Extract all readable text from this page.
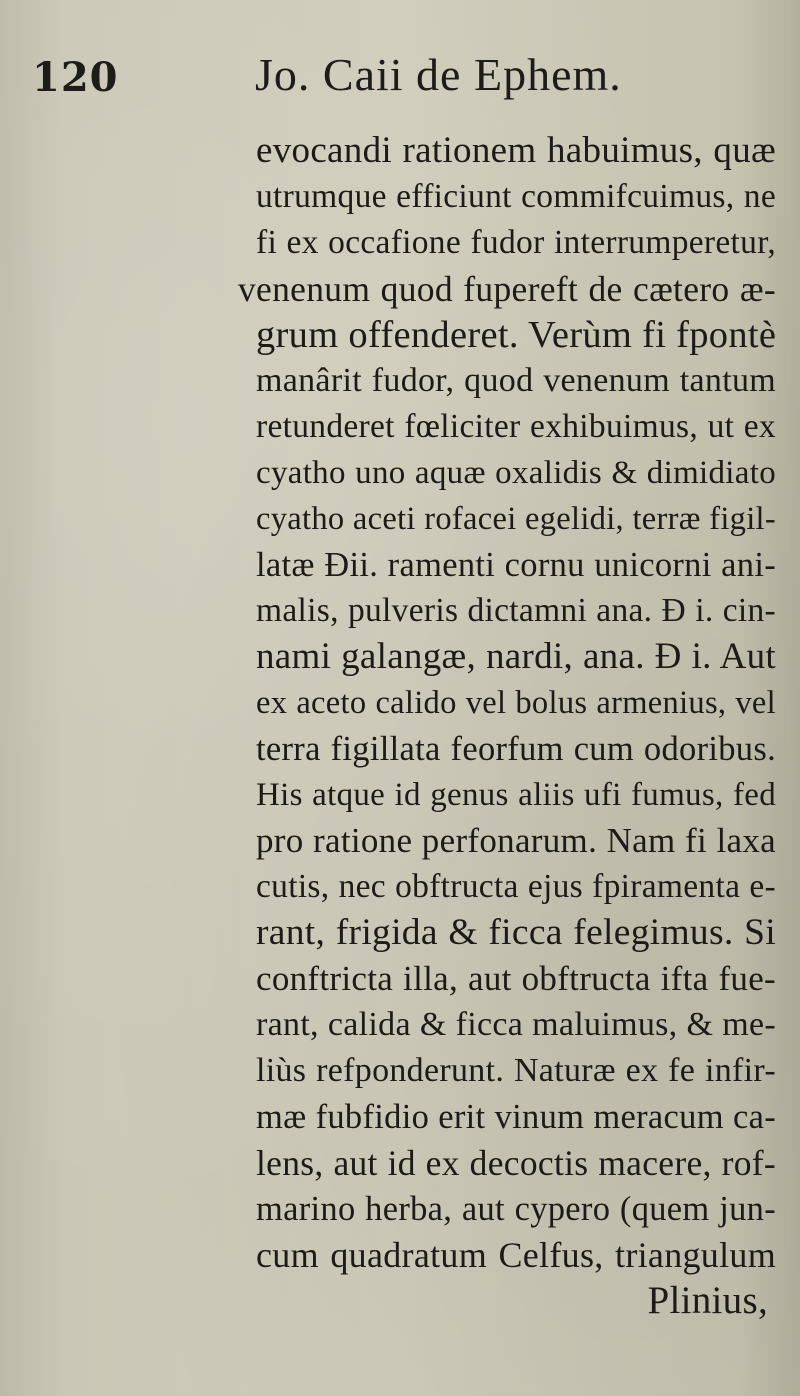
120	Jo. Caii de Ephem.
evocandi rationem habuimus, quæ
utrumque efficiunt commifcuimus, ne
fi ex occafione fudor interrumperetur,
venenum quod fupereft de cætero æ-
grum offenderet. Verùm fi fpontè
manârit fudor, quod venenum tantum
retunderet fœliciter exhibuimus, ut ex
cyatho uno aquæ oxalidis & dimidiato
cyatho aceti rofacei egelidi, terræ figil-
latæ Đii. ramenti cornu unicorni ani-
malis, pulveris dictamni ana. Đ i. cin-
nami galangæ, nardi, ana. Đ i. Aut
ex aceto calido vel bolus armenius, vel
terra figillata feorfum cum odoribus.
His atque id genus aliis ufi fumus, fed
pro ratione perfonarum. Nam fi laxa
cutis, nec obftructa ejus fpiramenta e-
rant, frigida & ficca felegimus. Si
conftricta illa, aut obftructa ifta fue-
rant, calida & ficca maluimus, & me-
liùs refponderunt. Naturæ ex fe infir-
mæ fubfidio erit vinum meracum ca-
lens, aut id ex decoctis macere, rof-
marino herba, aut cypero (quem jun-
cum quadratum Celfus, triangulum
Plinius,
